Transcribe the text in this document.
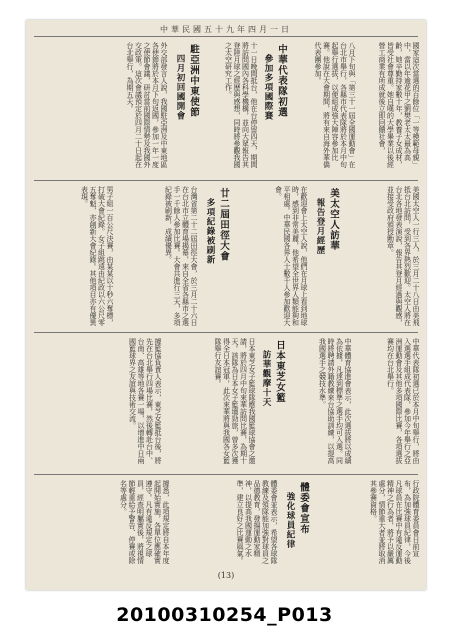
中華民國五十九年四月一日
國家這次當選的百餘位「一等模範母親」中，當以年逾花甲之劉樊老太太最為高齡，她辛勤持家數十年，教養子女成材，皆受社會尊重。她自嘆的大學畢業以後經營工商業有所成就後立即回饋社會，
八月下旬與「第三十一屆全國運動會」在台北市舉行，各縣市代表隊將於本月中旬起舉行選拔，以便組成強大陣容參加比賽。他說在大會期間，將有來自海外華僑代表團參加。
中華代表隊初選
參加多項國際賽
十一日晚間抵台，他在台停留四天，期間將訪問國內各科學機構，並向大眾報告其登陸月球之經歷與感想，同時將參觀我國之太空研究工作。
駐亞洲中東使節
四月初回國開會
外交部發言人說，我國駐亞洲及中東地區各使節將於本月下旬返國，參加一年一度之使節會議，研討當前國際情勢及我國外交政策。這次會議預定於四月二十日起在台北舉行，為期五天。
美國太空人一行三人，於三月二十八日由美飛抵台北訪問，受到各界熱烈歡迎。太空人將在台北各地發表演說，報告其登月經過與觀感，並接受政府頒授勳章。
美太空人訪華
報告登月經歷
在歡迎會上太空人說，他們在月球上看到地球時，感到非常美麗，他希望全世界人類能夠和平相處。中華民國各界人士數千人參加歡迎大會。
廿二屆田徑大會
多項紀錄被刷新
台灣省第二十二屆田徑大會，於三月二十六日在台北市立體育場揭幕，來自全省各縣市之選手一千餘人參加比賽。大會共進行三天，多項紀錄被刷新，成績優異。
男子組一百公尺決賽，由某某以十秒六奪標，打破大會紀錄。女子組跳遠由紀政以六公尺零五奪魁，亦創新大會紀錄。其他項目亦有優異表現。
中華代表隊初選已於本月中旬舉行，將由入選選手組成代表隊，參加今年舉行之亞洲運動會及其他多項國際比賽，各項選拔賽均在台北舉行。
中華體育協進會表示，此次選拔將以成績為依據，凡達到標準之選手均可入選。同時將聘請外籍教練來台協助訓練，以提高我國選手之競技水準。
日本東芝女籃
訪華觀摩十天
日本東芝女子籃球隊應我國籃球協會之邀請，將於四月中旬來華訪問比賽，為期十天。該隊為日本女子籃壇勁旅，曾多次獲得全日本冠軍，此次來華將與我國各女籃隊舉行友誼賽。
據籃協負責人表示，東芝女籃抵台後，將先在台北舉行四場比賽，然後轉赴台中、台南、高雄等地各賽一場，以增進中日兩國籃球界之友誼與技術交流。
行政院體育委員會日前宣布，為加強球員紀律，今後凡球員在比賽中有違反運動精神之行為者，將予以嚴厲處分，情節重大者並將取消其參賽資格。
體委會宣布
強化球員紀律
體委會並表示，希望各球隊教練及領隊能加強對球員之品德教育，發揚運動家精神，以提高我國運動之水準，建立良好之比賽風氣。
據悉，此項規定將自本年度起開始實施，各單位應確實遵守。凡有違反規定之球員，經查明屬實後，將視情節輕重給予警告、停賽或除名等處分。
(13)
20100310254_P013
